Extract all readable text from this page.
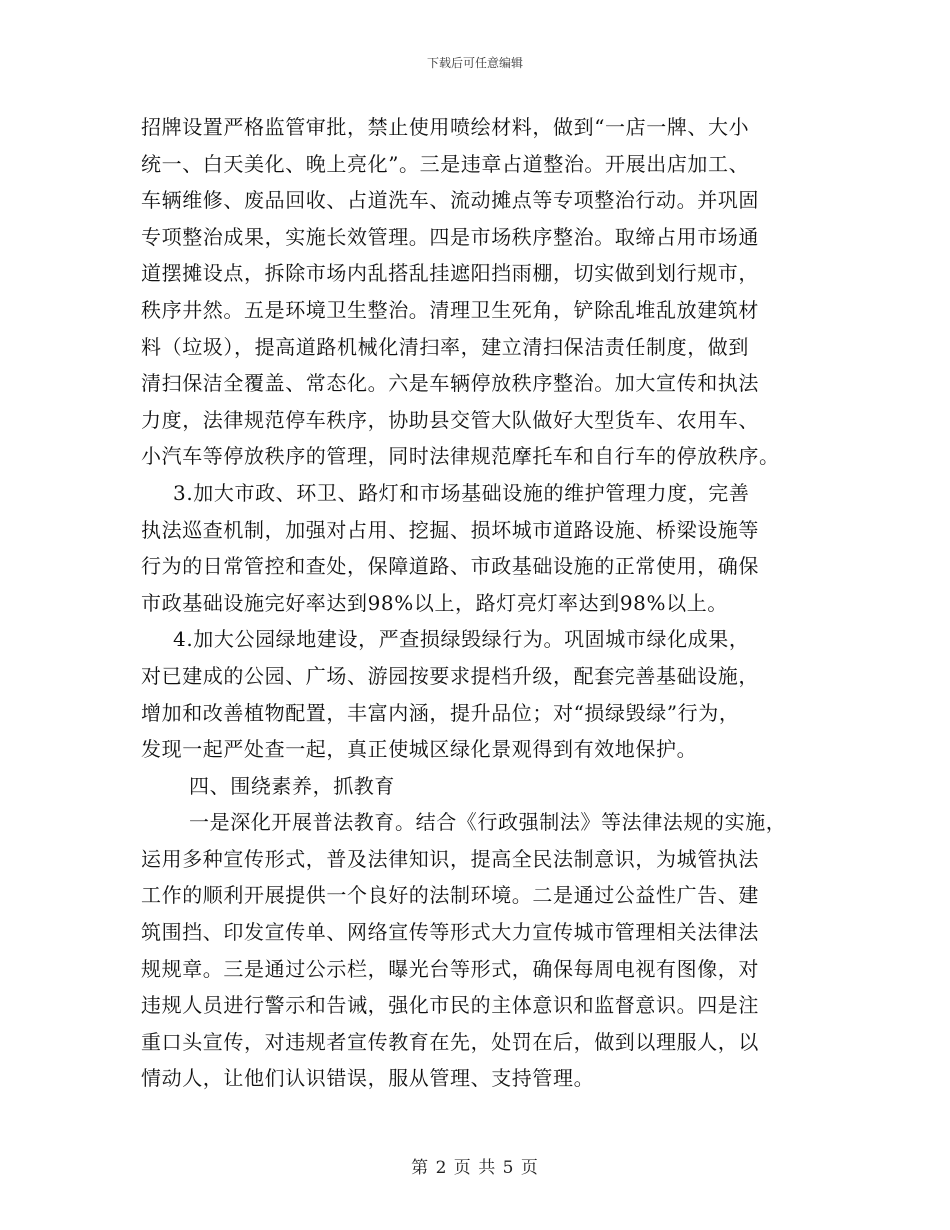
下载后可任意编辑
招牌设置严格监管审批，禁止使用喷绘材料，做到“一店一牌、大小
统一、白天美化、晚上亮化”。三是违章占道整治。开展出店加工、
车辆维修、废品回收、占道洗车、流动摊点等专项整治行动。并巩固
专项整治成果，实施长效管理。四是市场秩序整治。取缔占用市场通
道摆摊设点，拆除市场内乱搭乱挂遮阳挡雨棚，切实做到划行规市，
秩序井然。五是环境卫生整治。清理卫生死角，铲除乱堆乱放建筑材
料（垃圾），提高道路机械化清扫率，建立清扫保洁责任制度，做到
清扫保洁全覆盖、常态化。六是车辆停放秩序整治。加大宣传和执法
力度，法律规范停车秩序，协助县交管大队做好大型货车、农用车、
小汽车等停放秩序的管理，同时法律规范摩托车和自行车的停放秩序。
3.加大市政、环卫、路灯和市场基础设施的维护管理力度，完善
执法巡查机制，加强对占用、挖掘、损坏城市道路设施、桥梁设施等
行为的日常管控和查处，保障道路、市政基础设施的正常使用，确保
市政基础设施完好率达到98%以上，路灯亮灯率达到98%以上。
4.加大公园绿地建设，严查损绿毁绿行为。巩固城市绿化成果，
对已建成的公园、广场、游园按要求提档升级，配套完善基础设施，
增加和改善植物配置，丰富内涵，提升品位；对“损绿毁绿”行为，
发现一起严处查一起，真正使城区绿化景观得到有效地保护。
四、围绕素养，抓教育
一是深化开展普法教育。结合《行政强制法》等法律法规的实施，
运用多种宣传形式，普及法律知识，提高全民法制意识，为城管执法
工作的顺利开展提供一个良好的法制环境。二是通过公益性广告、建
筑围挡、印发宣传单、网络宣传等形式大力宣传城市管理相关法律法
规规章。三是通过公示栏，曝光台等形式，确保每周电视有图像，对
违规人员进行警示和告诫，强化市民的主体意识和监督意识。四是注
重口头宣传，对违规者宣传教育在先，处罚在后，做到以理服人，以
情动人，让他们认识错误，服从管理、支持管理。
第 2 页 共 5 页
